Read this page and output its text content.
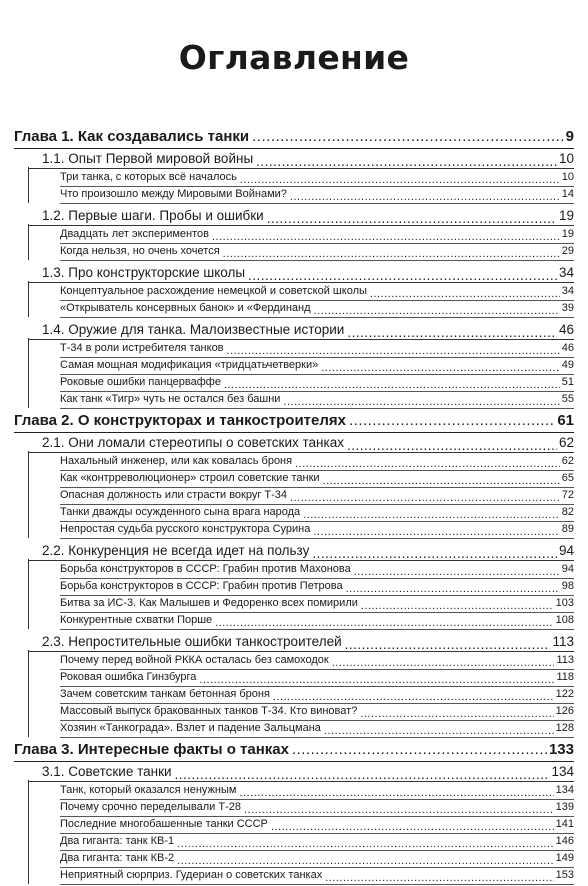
Оглавление
Глава 1. Как создавались танки .....	9
1.1. Опыт Первой мировой войны .....	10
Три танка, с которых всё началось .....	10
Что произошло между Мировыми Войнами? .....	14
1.2. Первые шаги. Пробы и ошибки .....	19
Двадцать лет экспериментов .....	19
Когда нельзя, но очень хочется .....	29
1.3. Про конструкторские школы .....	34
Концептуальное расхождение немецкой и советской школы .....	34
«Открыватель консервных банок» и «Фердинанд .....	39
1.4. Оружие для танка. Малоизвестные истории .....	46
Т-34 в роли истребителя танков .....	46
Самая мощная модификация «тридцатьчетверки» .....	49
Роковые ошибки панцерваффе .....	51
Как танк «Тигр» чуть не остался без башни .....	55
Глава 2. О конструкторах и танкостроителях .....	61
2.1. Они ломали стереотипы о советских танках .....	62
Нахальный инженер, или как ковалась броня .....	62
Как «контрреволюционер» строил советские танки .....	65
Опасная должность или страсти вокруг Т-34 .....	72
Танки дважды осужденного сына врага народа .....	82
Непростая судьба русского конструктора Сурина .....	89
2.2. Конкуренция не всегда идет на пользу .....	94
Борьба конструкторов в СССР: Грабин против Махонова .....	94
Борьба конструкторов в СССР: Грабин против Петрова .....	98
Битва за ИС-3. Как Малышев и Федоренко всех помирили .....	103
Конкурентные схватки Порше .....	108
2.3. Непростительные ошибки танкостроителей .....	113
Почему перед войной РККА осталась без самоходок .....	113
Роковая ошибка Гинзбурга .....	118
Зачем советским танкам бетонная броня .....	122
Массовый выпуск бракованных танков Т-34. Кто виноват? .....	126
Хозяин «Танкограда». Взлет и падение Зальцмана .....	128
Глава 3. Интересные факты о танках .....	133
3.1. Советские танки .....	134
Танк, который оказался ненужным .....	134
Почему срочно переделывали Т-28 .....	139
Последние многобашенные танки СССР .....	141
Два гиганта: танк КВ-1 .....	146
Два гиганта: танк КВ-2 .....	149
Неприятный сюрприз. Гудериан о советских танках .....	153
